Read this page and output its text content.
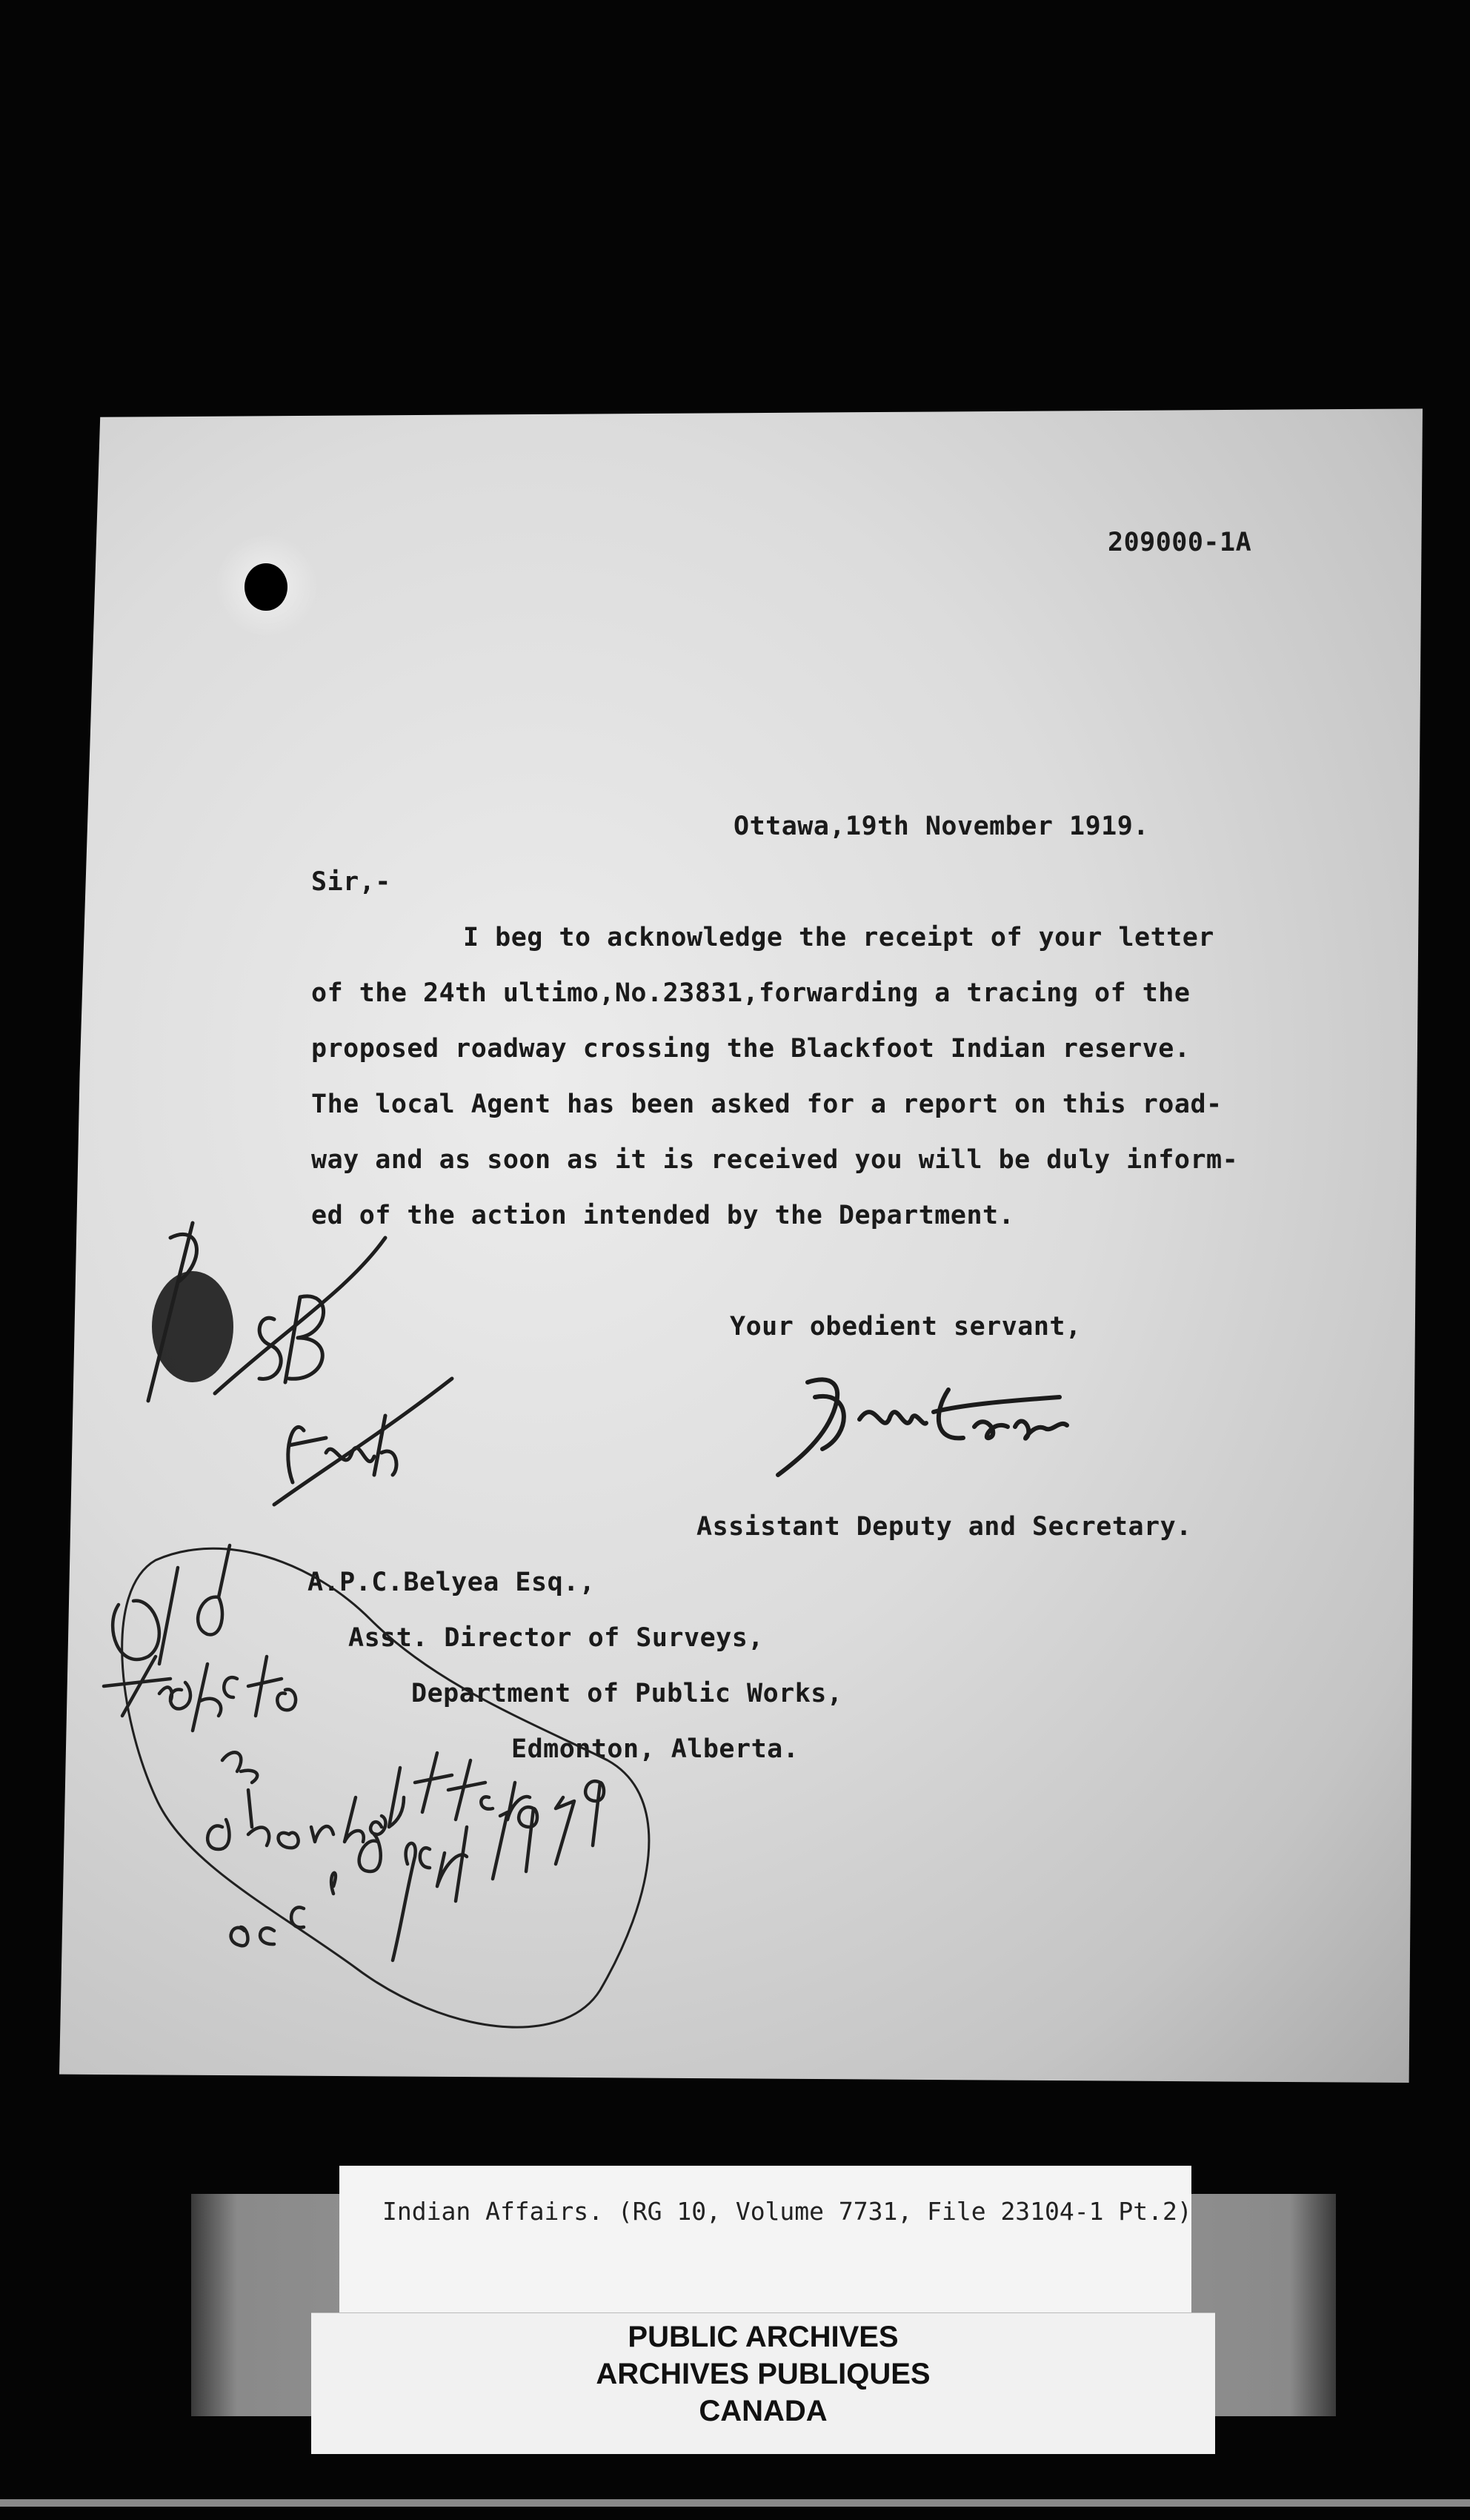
209000-1A
Ottawa,19th November 1919.
Sir,-
I beg to acknowledge the receipt of your letter
of the 24th ultimo,No.23831,forwarding a tracing of the
proposed roadway crossing the Blackfoot Indian reserve.
The local Agent has been asked for a report on this road-
way and as soon as it is received you will be duly inform-
ed of the action intended by the Department.
Your obedient servant,
Assistant Deputy and Secretary.
A.P.C.Belyea Esq.,
Asst. Director of Surveys,
Department of Public Works,
Edmonton, Alberta.
Indian Affairs. (RG 10, Volume 7731, File 23104-1 Pt.2)
PUBLIC ARCHIVES
ARCHIVES PUBLIQUES
CANADA
